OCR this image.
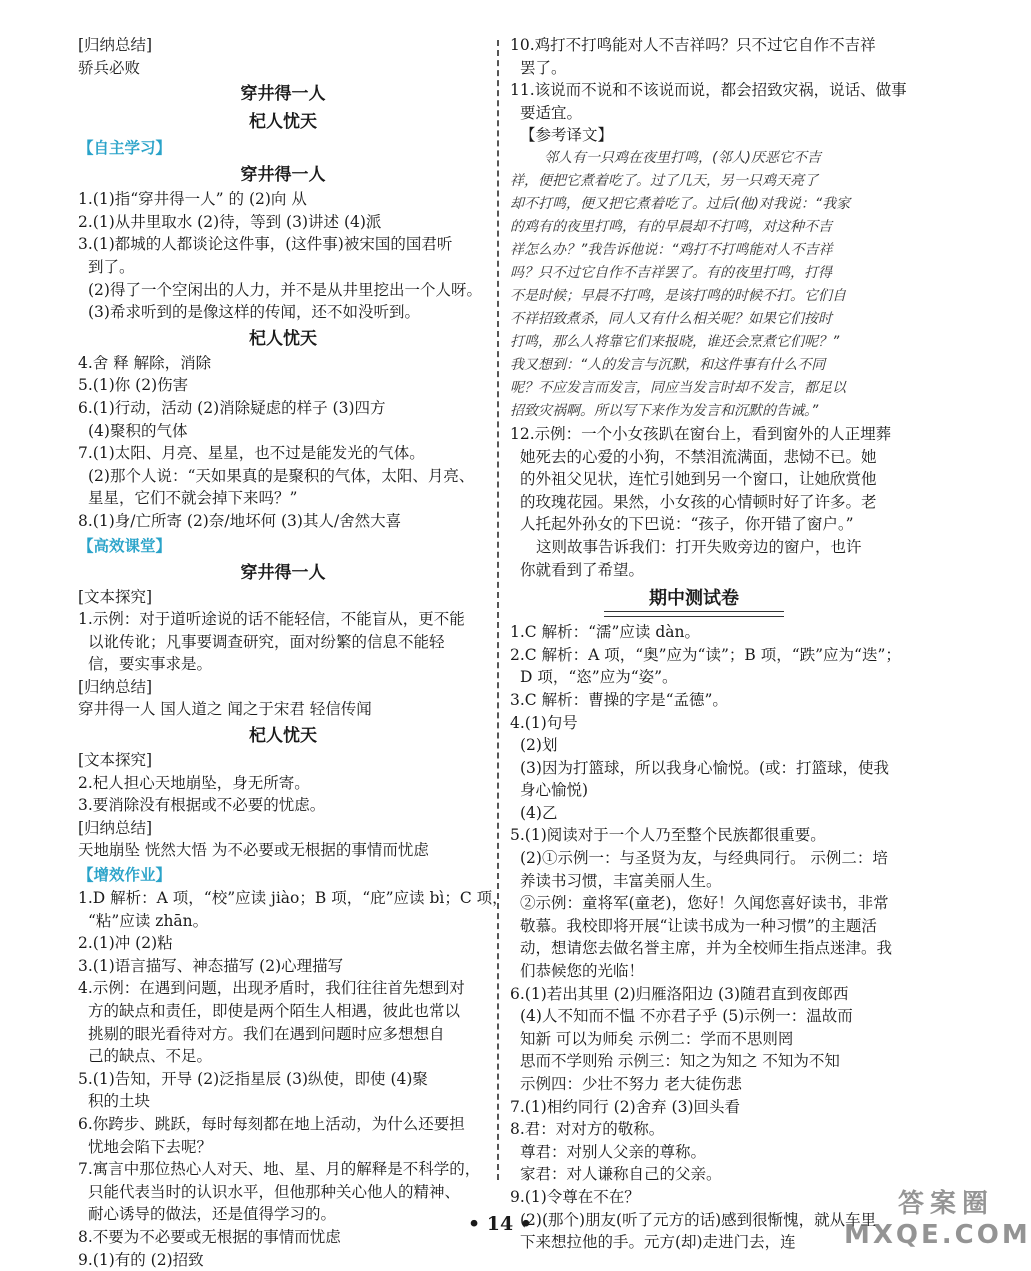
[归纳总结]
骄兵必败
穿井得一人
杞人忧天
【自主学习】
穿井得一人
1.(1)指“穿井得一人” 的 (2)向 从
2.(1)从井里取水 (2)待，等到 (3)讲述 (4)派
3.(1)都城的人都谈论这件事，(这件事)被宋国的国君听
到了。
(2)得了一个空闲出的人力，并不是从井里挖出一个人呀。
(3)希求听到的是像这样的传闻，还不如没听到。
杞人忧天
4.舍 释 解除，消除
5.(1)你 (2)伤害
6.(1)行动，活动 (2)消除疑虑的样子 (3)四方
(4)聚积的气体
7.(1)太阳、月亮、星星，也不过是能发光的气体。
(2)那个人说：“天如果真的是聚积的气体，太阳、月亮、
星星，它们不就会掉下来吗？”
8.(1)身/亡所寄 (2)奈/地坏何 (3)其人/舍然大喜
【高效课堂】
穿井得一人
[文本探究]
1.示例：对于道听途说的话不能轻信，不能盲从，更不能
以讹传讹；凡事要调查研究，面对纷繁的信息不能轻
信，要实事求是。
[归纳总结]
穿井得一人 国人道之 闻之于宋君 轻信传闻
杞人忧天
[文本探究]
2.杞人担心天地崩坠，身无所寄。
3.要消除没有根据或不必要的忧虑。
[归纳总结]
天地崩坠 恍然大悟 为不必要或无根据的事情而忧虑
【增效作业】
1.D 解析：A 项，“校”应读 jiào；B 项，“庇”应读 bì；C 项，
“粘”应读 zhān。
2.(1)冲 (2)粘
3.(1)语言描写、神态描写 (2)心理描写
4.示例：在遇到问题，出现矛盾时，我们往往首先想到对
方的缺点和责任，即使是两个陌生人相遇，彼此也常以
挑剔的眼光看待对方。我们在遇到问题时应多想想自
己的缺点、不足。
5.(1)告知，开导 (2)泛指星辰 (3)纵使，即使 (4)聚
积的土块
6.你跨步、跳跃，每时每刻都在地上活动，为什么还要担
忧地会陷下去呢？
7.寓言中那位热心人对天、地、星、月的解释是不科学的，
只能代表当时的认识水平，但他那种关心他人的精神、
耐心诱导的做法，还是值得学习的。
8.不要为不必要或无根据的事情而忧虑
9.(1)有的 (2)招致
10.鸡打不打鸣能对人不吉祥吗？只不过它自作不吉祥
罢了。
11.该说而不说和不该说而说，都会招致灾祸，说话、做事
要适宜。
【参考译文】
邻人有一只鸡在夜里打鸣，(邻人)厌恶它不吉
祥，便把它煮着吃了。过了几天，另一只鸡天亮了
却不打鸣，便又把它煮着吃了。过后(他)对我说：“我家
的鸡有的夜里打鸣，有的早晨却不打鸣，对这种不吉
祥怎么办？”我告诉他说：“鸡打不打鸣能对人不吉祥
吗？只不过它自作不吉祥罢了。有的夜里打鸣，打得
不是时候；早晨不打鸣，是该打鸣的时候不打。它们自
不祥招致煮杀，同人又有什么相关呢？如果它们按时
打鸣，那么人将靠它们来报晓，谁还会烹煮它们呢？”
我又想到：“人的发言与沉默，和这件事有什么不同
呢？不应发言而发言，同应当发言时却不发言，都足以
招致灾祸啊。所以写下来作为发言和沉默的告诫。”
12.示例：一个小女孩趴在窗台上，看到窗外的人正埋葬
她死去的心爱的小狗，不禁泪流满面，悲恸不已。她
的外祖父见状，连忙引她到另一个窗口，让她欣赏他
的玫瑰花园。果然，小女孩的心情顿时好了许多。老
人托起外孙女的下巴说：“孩子，你开错了窗户。”
这则故事告诉我们：打开失败旁边的窗户，也许
你就看到了希望。
期中测试卷
1.C 解析：“濡”应读 dàn。
2.C 解析：A 项，“奥”应为“读”；B 项，“跌”应为“迭”；
D 项，“恣”应为“姿”。
3.C 解析：曹操的字是“孟德”。
4.(1)句号
(2)划
(3)因为打篮球，所以我身心愉悦。(或：打篮球，使我
身心愉悦)
(4)乙
5.(1)阅读对于一个人乃至整个民族都很重要。
(2)①示例一：与圣贤为友，与经典同行。 示例二：培
养读书习惯，丰富美丽人生。
②示例：童将军(童老)，您好！久闻您喜好读书，非常
敬慕。我校即将开展“让读书成为一种习惯”的主题活
动，想请您去做名誉主席，并为全校师生指点迷津。我
们恭候您的光临！
6.(1)若出其里 (2)归雁洛阳边 (3)随君直到夜郎西
(4)人不知而不愠 不亦君子乎 (5)示例一：温故而
知新 可以为师矣 示例二：学而不思则罔
思而不学则殆 示例三：知之为知之 不知为不知
示例四：少壮不努力 老大徒伤悲
7.(1)相约同行 (2)舍弃 (3)回头看
8.君：对对方的敬称。
尊君：对别人父亲的尊称。
家君：对人谦称自己的父亲。
9.(1)令尊在不在？
(2)(那个)朋友(听了元方的话)感到很惭愧，就从车里
下来想拉他的手。元方(却)走进门去，连
• 14 •
答案圈
MXQE.COM
